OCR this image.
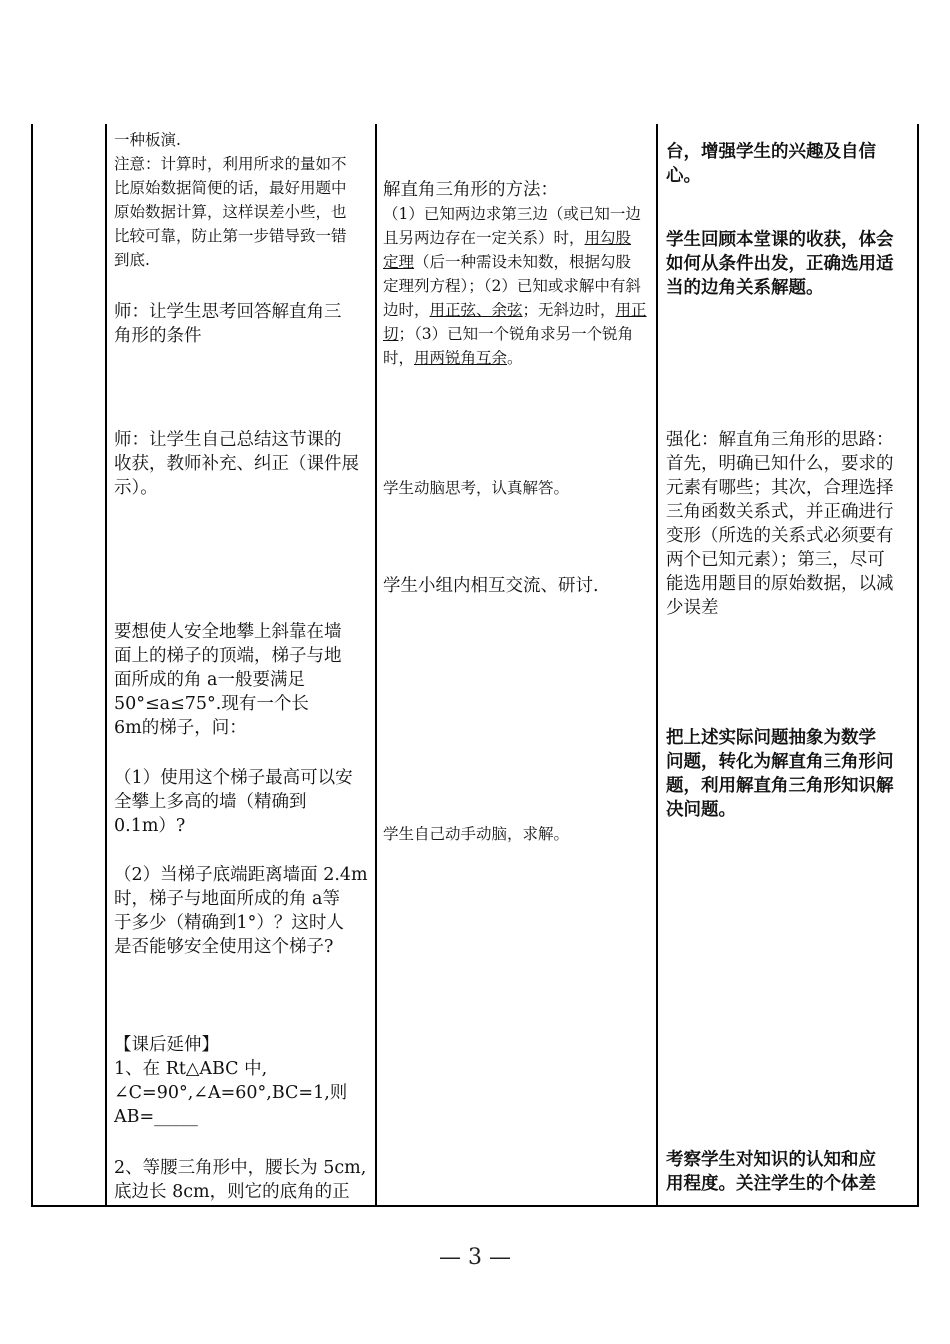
一种板演.

注意：计算时，利用所求的量如不
比原始数据简便的话，最好用题中
原始数据计算，这样误差小些，也
比较可靠，防止第一步错导致一错
到底.

师：让学生思考回答解直角三
角形的条件

师：让学生自己总结这节课的
收获，教师补充、纠正（课件展
示）。

要想使人安全地攀上斜靠在墙
面上的梯子的顶端，梯子与地
面所成的角 a一般要满足
50°≤a≤75°.现有一个长
6m的梯子，问：

（1）使用这个梯子最高可以安
全攀上多高的墙（精确到
0.1m）?

（2）当梯子底端距离墙面 2.4m
时，梯子与地面所成的角 a等
于多少（精确到1°）？这时人
是否能够安全使用这个梯子?

【课后延伸】
1、在 Rt△ABC 中,
∠C=90°,∠A=60°,BC=1,则
AB=_____

2、等腰三角形中，腰长为 5cm,
底边长 8cm，则它的底角的正

解直角三角形的方法：

（1）已知两边求第三边（或已知一边
且另两边存在一定关系）时，用勾股
定理（后一种需设未知数，根据勾股
定理列方程）；（2）已知或求解中有斜
边时，用正弦、余弦；无斜边时，用正
切；（3）已知一个锐角求另一个锐角
时，用两锐角互余。

学生动脑思考，认真解答。

学生小组内相互交流、研讨.

学生自己动手动脑，求解。

台，增强学生的兴趣及自信
心。

学生回顾本堂课的收获，体会
如何从条件出发，正确选用适
当的边角关系解题。

强化：解直角三角形的思路：
首先，明确已知什么，要求的
元素有哪些；其次，合理选择
三角函数关系式，并正确进行
变形（所选的关系式必须要有
两个已知元素）；第三，尽可
能选用题目的原始数据，以减
少误差

把上述实际问题抽象为数学
问题，转化为解直角三角形问
题，利用解直角三角形知识解
决问题。

考察学生对知识的认知和应
用程度。关注学生的个体差

— 3 —
